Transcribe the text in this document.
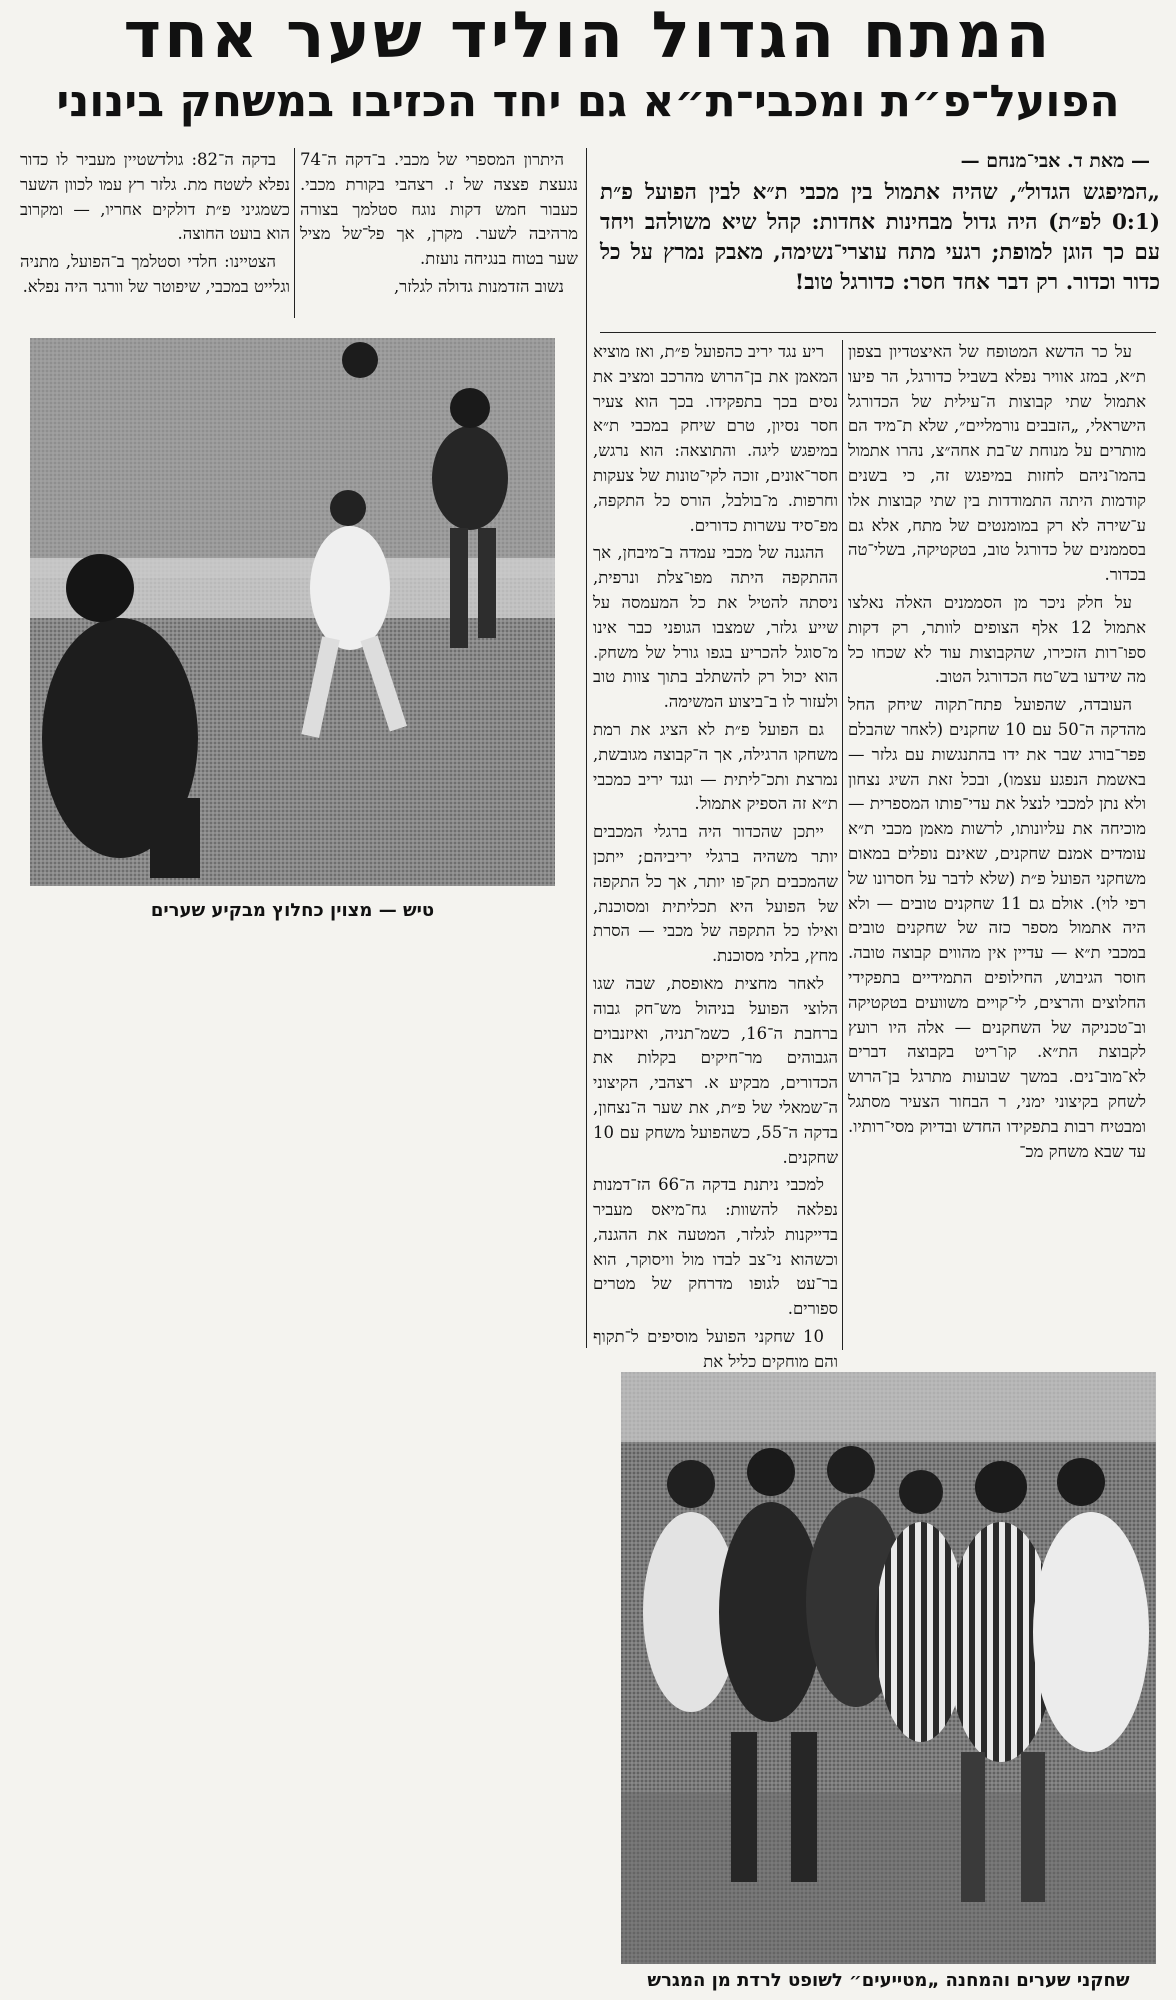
המתח הגדול הוליד שער אחד
הפועל־פ״ת ומכבי־ת״א גם יחד הכזיבו במשחק בינוני
— מאת ד. אבי־מנחם —
„המיפגש הגדול״, שהיה אתמול בין מכבי ת״א לבין הפועל פ״ת (0:1 לפ״ת) היה גדול מבחינות אחדות: קהל שיא משולהב ויחד עם כך הוגן למופת; רגעי מתח עוצרי־נשימה, מאבק נמרץ על כל כדור וכדור. רק דבר אחד חסר: כדורגל טוב!

על כר הדשא המטופח של האיצטדיון בצפון ת״א, במזג אוויר נפלא בשביל כדורגל, הר פיעו אתמול שתי קבוצות ה־עילית של הכדורגל הישראלי, „הזבבים נורמליים״, שלא ת־מיד הם מותרים על מנוחת ש־בת אחה״צ, נהרו אתמול בהמו־ניהם לחזות במיפגש זה, כי בשנים קודמות היתה התמודדות בין שתי קבוצות אלו ע־שירה לא רק במומנטים של מתח, אלא גם בסממנים של כדורגל טוב, בטקטיקה, בשלי־טה בכדור.

על חלק ניכר מן הסממנים האלה נאלצו אתמול 12 אלף הצופים לוותר, רק דקות ספו־רות הזכירו, שהקבוצות עוד לא שכחו כל מה שידעו בש־טח הכדורגל הטוב.

העובדה, שהפועל פתח־תקוה שיחק החל מהדקה ה־50 עם 10 שחקנים (לאחר שהבלם פפר־בורג שבר את ידו בהתנגשות עם גלזר — באשמת הנפגע עצמו), ובכל זאת השיג נצחון ולא נתן למכבי לנצל את עדי־פותו המספרית — מוכיחה את עליונותו, לרשות מאמן מכבי ת״א עומדים אמנם שחקנים, שאינם נופלים במאום משחקני הפועל פ״ת (שלא לדבר על חסרונו של רפי לוי). אולם גם 11 שחקנים טובים — ולא היה אתמול מספר כזה של שחקנים טובים במכבי ת״א — עדיין אין מהווים קבוצה טובה. חוסר הגיבוש, החילופים התמידיים בתפקידי החלוצים והרצים, לי־קויים משוועים בטקטיקה וב־טכניקה של השחקנים — אלה היו רועץ לקבוצת הת״א. קו־ריט בקבוצה דברים לא־מוב־נים. במשך שבועות מתרגל בן־הרוש לשחק בקיצוני ימני, ר הבחור הצעיר מסתגל ומבטיח רבות בתפקידו החדש ובדיוק מסי־רותיו. עד שבא משחק מכ־

ריע נגד יריב כהפועל פ״ת, ואז מוציא המאמן את בן־הרוש מהרכב ומציב את נסים בכך בתפקידו. בכך הוא צעיר חסר נסיון, טרם שיחק במכבי ת״א במיפגש ליגה. והתוצאה: הוא נרגש, חסר־אונים, זוכה לקי־טונות של צעקות וחרפות. מ־בולבל, הורס כל התקפה, מפ־סיד עשרות כדורים.

ההגנה של מכבי עמדה ב־מיבחן, אך ההתקפה היתה מפו־צלת ונרפית, ניסתה להטיל את כל המעמסה על שייע גלזר, שמצבו הגופני כבר אינו מ־סוגל להכריע בגפו גורל של משחק. הוא יכול רק להשתלב בתוך צוות טוב ולעזור לו ב־ביצוע המשימה.

גם הפועל פ״ת לא הציג את רמת משחקו הרגילה, אך ה־קבוצה מגובשת, נמרצת ותכ־ליתית — ונגד יריב כמכבי ת״א זה הספיק אתמול.

ייתכן שהכדור היה ברגלי המכבים יותר משהיה ברגלי יריביהם; ייתכן שהמכבים תק־פו יותר, אך כל התקפה של הפועל היא תכליתית ומסוכנת, ואילו כל התקפה של מכבי — הסרת מחץ, בלתי מסוכנת.

לאחר מחצית מאופסת, שבה שגו הלוצי הפועל בניהול מש־חק גבוה ברחבת ה־16, כשמ־תניה, ואיזנבוים הגבוהים מר־חיקים בקלות את הכדורים, מבקיע א. רצהבי, הקיצוני ה־שמאלי של פ״ת, את שער ה־נצחון, בדקה ה־55, כשהפועל משחק עם 10 שחקנים.

למכבי ניתנת בדקה ה־66 הז־דמנות נפלאה להשוות: גח־מיאס מעביר בדייקנות לגלזר, המטעה את ההגנה, וכשהוא ני־צב לבדו מול וויסוקר, הוא בר־עט לגופו מדרחק של מטרים ספורים.

10 שחקני הפועל מוסיפים ל־תקוף והם מוחקים כליל את

היתרון המספרי של מכבי. ב־דקה ה־74 נגעצת פצצה של ז. רצהבי בקורת מכבי. כעבור חמש דקות נוגח סטלמך בצורה מרהיבה לשער. מקרן, אך פל־של מציל שער בטוח בנגיחה נועזת.

נשוב הזדמנות גדולה לגלזר,

בדקה ה־82: גולדשטיין מעביר לו כדור נפלא לשטח מת. גלזר רץ עמו לכוון השער כשמגיני פ״ת דולקים אחריו, — ומקרוב הוא בועט החוצה.

הצטיינו: חלדי וסטלמך ב־הפועל, מתניה וגלייט במכבי, שיפוטר של וורגר היה נפלא.

טיש — מצוין כחלוץ מבקיע שערים
שחקני שערים והמחנה „מטייעים״ לשופט לרדת מן המגרש
